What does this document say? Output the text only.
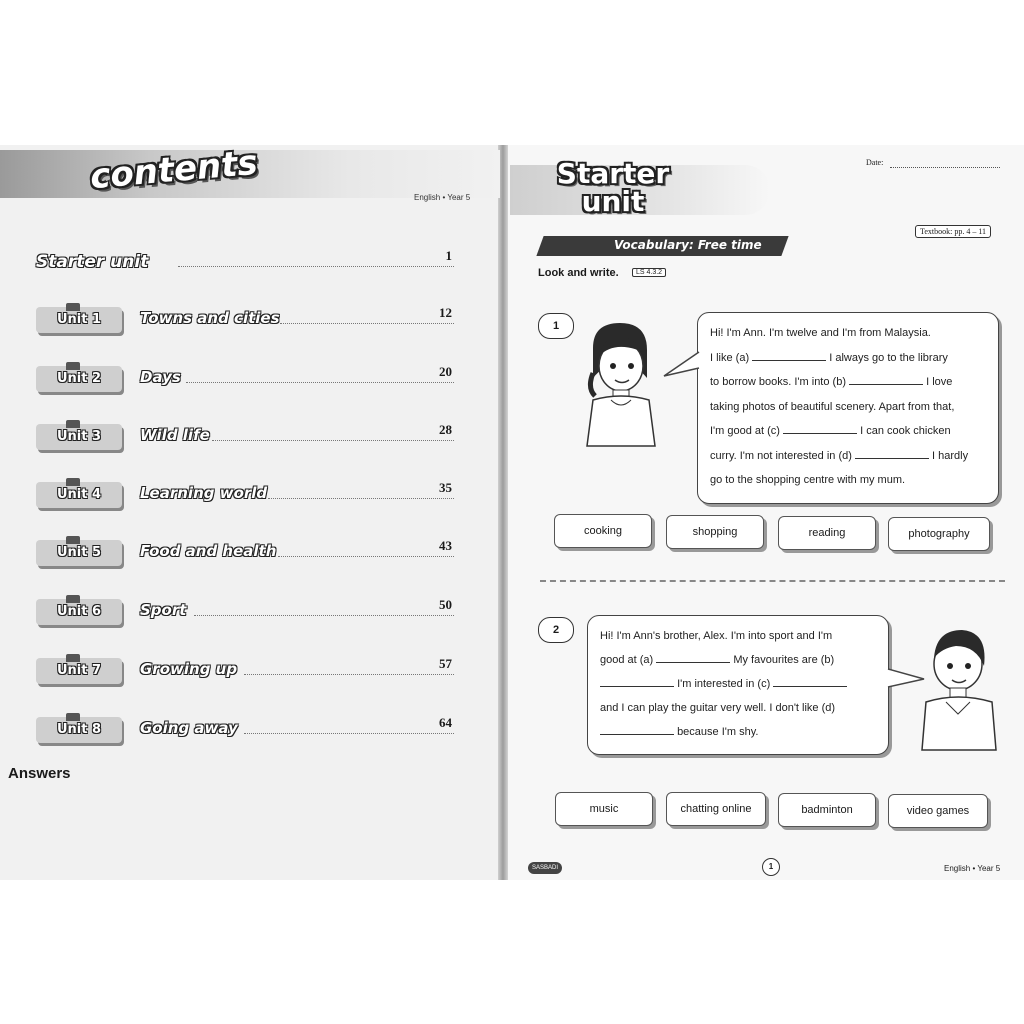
contents
English • Year 5
Starter unit	1
Unit 1	Towns and cities	12
Unit 2	Days	20
Unit 3	Wild life	28
Unit 4	Learning world	35
Unit 5	Food and health	43
Unit 6	Sport	50
Unit 7	Growing up	57
Unit 8	Going away	64
Answers
Starter
unit
Date:
Textbook: pp. 4 – 11
Vocabulary: Free time
Look and write.	LS 4.3.2
1
Hi! I'm Ann. I'm twelve and I'm from Malaysia.
I like (a)	I always go to the library
to borrow books. I'm into (b)	I love
taking photos of beautiful scenery. Apart from that,
I'm good at (c)	I can cook chicken
curry. I'm not interested in (d)	I hardly
go to the shopping centre with my mum.
cooking	shopping	reading	photography
2	Hi! I'm Ann's brother, Alex. I'm into sport and I'm
good at (a)	My favourites are (b)
I'm interested in (c)
and I can play the guitar very well. I don't like (d)
because I'm shy.
music	chatting online	badminton	video games
SASBADI	1	English • Year 5
